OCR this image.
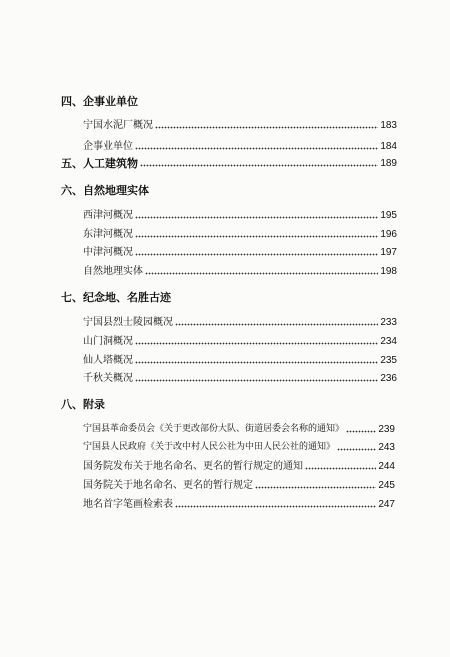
四、企事业单位
宁国水泥厂概况	183
企事业单位	184
五、人工建筑物	189
六、自然地理实体
西津河概况	195
东津河概况	196
中津河概况	197
自然地理实体	198
七、纪念地、名胜古迹
宁国县烈士陵园概况	233
山门洞概况	234
仙人塔概况	235
千秋关概况	236
八、附录
宁国县革命委员会《关于更改部份大队、街道居委会名称的通知》	239
宁国县人民政府《关于改中村人民公社为中田人民公社的通知》	243
国务院发布关于地名命名、更名的暂行规定的通知	244
国务院关于地名命名、更名的暂行规定	245
地名首字笔画检索表	247
